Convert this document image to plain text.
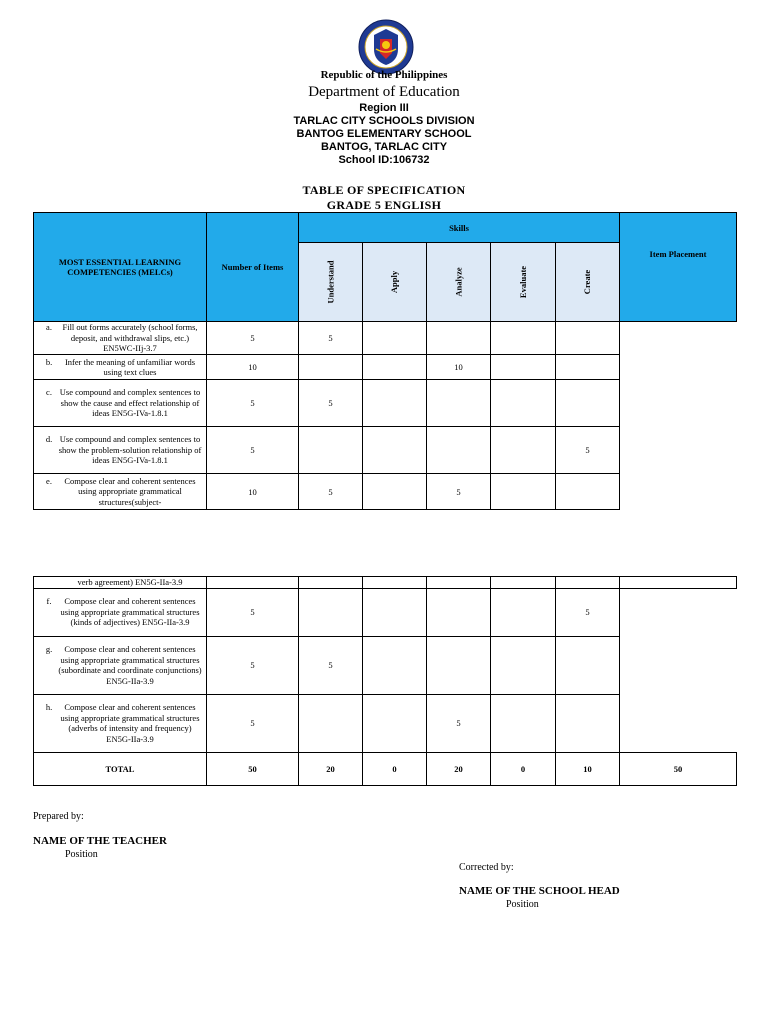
Republic of the Philippines
Department of Education
Region III
TARLAC CITY SCHOOLS DIVISION
BANTOG ELEMENTARY SCHOOL
BANTOG, TARLAC CITY
School ID:106732
TABLE OF SPECIFICATION
GRADE 5 ENGLISH
MOST ESSENTIAL LEARNING COMPETENCIES (MELCs)	Number of Items	Skills					Item Placement
		Understand	Apply	Analyze	Evaluate	Create	

a. Fill out forms accurately (school forms, deposit, and withdrawal slips, etc.) EN5WC-IIj-3.7	5	5					

b. Infer the meaning of unfamiliar words using text clues	10			10			

c. Use compound and complex sentences to show the cause and effect relationship of ideas EN5G-IVa-1.8.1	5	5					

d. Use compound and complex sentences to show the problem-solution relationship of ideas EN5G-IVa-1.8.1	5					5	

e. Compose clear and coherent sentences using appropriate grammatical structures(subject-	10	5		5			
verb agreement) EN5G-IIa-3.9							

f. Compose clear and coherent sentences using appropriate grammatical structures (kinds of adjectives) EN5G-IIa-3.9	5					5	

g. Compose clear and coherent sentences using appropriate grammatical structures (subordinate and coordinate conjunctions) EN5G-IIa-3.9	5	5					

h. Compose clear and coherent sentences using appropriate grammatical structures (adverbs of intensity and frequency) EN5G-IIa-3.9	5			5			
TOTAL	50	20	0	20	0	10	50
Prepared by:
NAME OF THE TEACHER
Position
Corrected by:
NAME OF THE SCHOOL HEAD
Position
